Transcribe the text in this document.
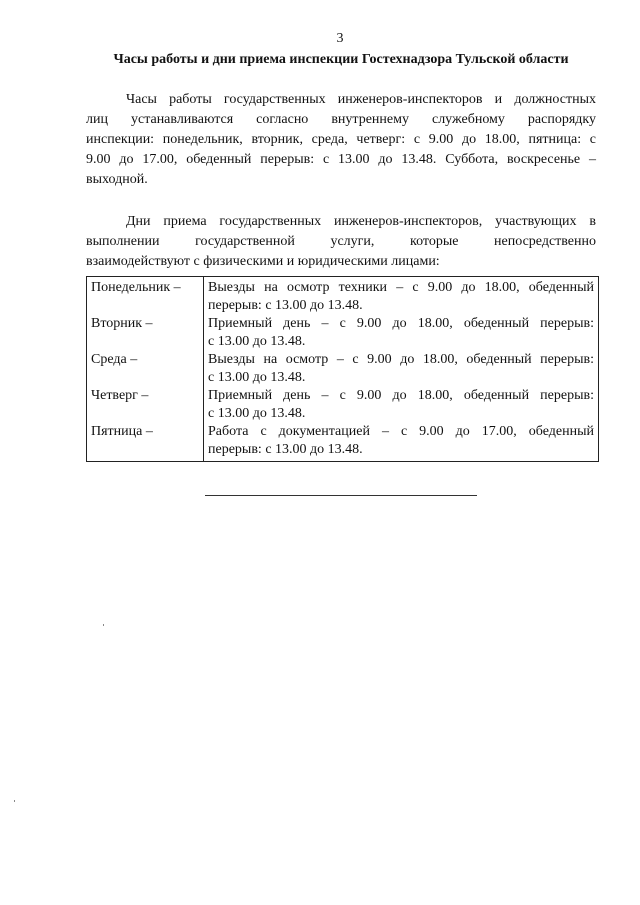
3
Часы работы и дни приема инспекции Гостехнадзора Тульской области
Часы работы государственных инженеров-инспекторов и должностных
лиц устанавливаются согласно внутреннему служебному распорядку
инспекции: понедельник, вторник, среда, четверг: с 9.00 до 18.00, пятница: с
9.00 до 17.00, обеденный перерыв: с 13.00 до 13.48. Суббота, воскресенье –
выходной.
Дни приема государственных инженеров-инспекторов, участвующих в
выполнении государственной услуги, которые непосредственно
взаимодействуют с физическими и юридическими лицами:
Понедельник –	Выезды на осмотр техники – с 9.00 до 18.00, обеденный
перерыв: с 13.00 до 13.48.

Вторник –	Приемный день – с 9.00 до 18.00, обеденный перерыв:
с 13.00 до 13.48.

Среда –	Выезды на осмотр – с 9.00 до 18.00, обеденный перерыв:
с 13.00 до 13.48.

Четверг –	Приемный день – с 9.00 до 18.00, обеденный перерыв:
с 13.00 до 13.48.

Пятница –	Работа с документацией – с 9.00 до 17.00, обеденный
перерыв: с 13.00 до 13.48.
